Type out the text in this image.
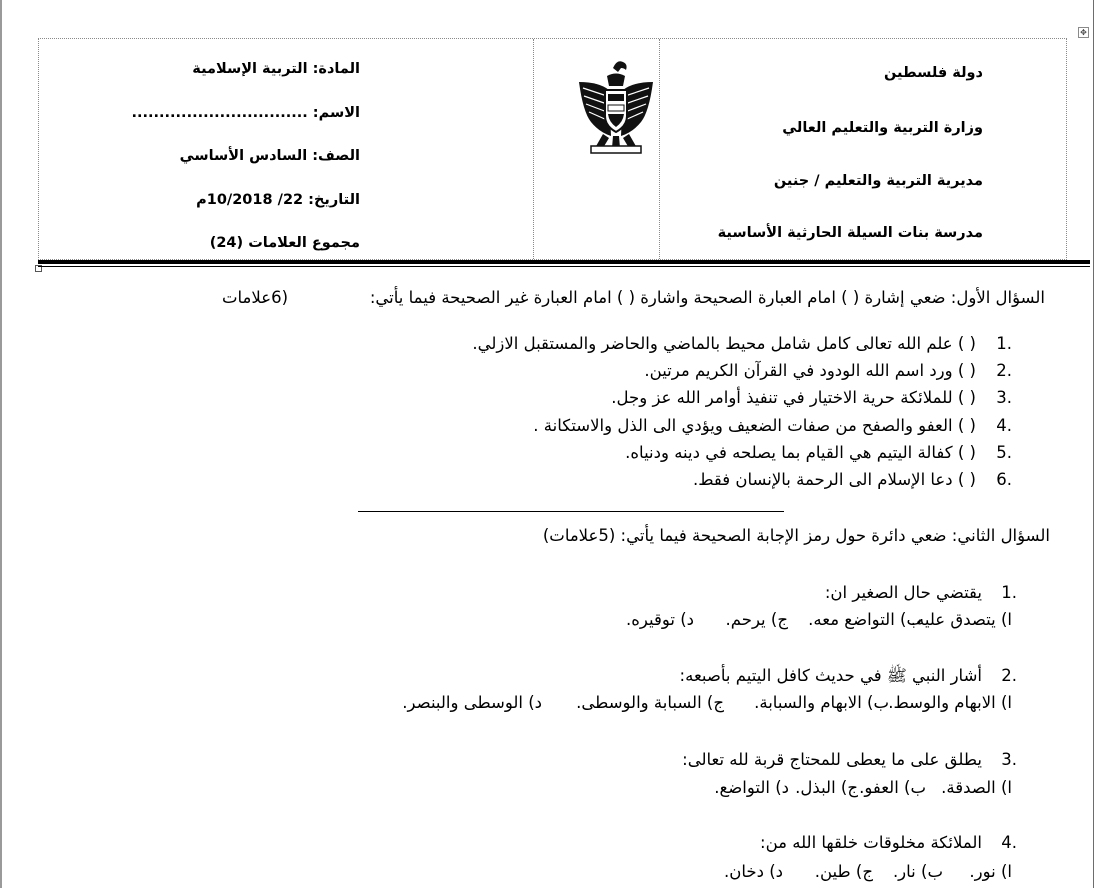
✥
دولة فلسطين
وزارة التربية والتعليم العالي
مديرية التربية والتعليم / جنين
مدرسة بنات السيلة الحارثية الأساسية
المادة: التربية الإسلامية
الاسم: ................................
الصف: السادس الأساسي
التاريخ: 22/ 10/2018م
مجموع العلامات (24)
السؤال الأول: ضعي إشارة ( ) امام العبارة الصحيحة واشارة ( ) امام العبارة غير الصحيحة فيما يأتي:
(6علامات
.1
( ) علم الله تعالى كامل شامل محيط بالماضي والحاضر والمستقبل الازلي.
.2
( ) ورد اسم الله الودود في القرآن الكريم مرتين.
.3
( ) للملائكة حرية الاختيار في تنفيذ أوامر الله عز وجل.
.4
( ) العفو والصفح من صفات الضعيف ويؤدي الى الذل والاستكانة .
.5
( ) كفالة اليتيم هي القيام بما يصلحه في دينه ودنياه.
.6
( ) دعا الإسلام الى الرحمة بالإنسان فقط.
السؤال الثاني: ضعي دائرة حول رمز الإجابة الصحيحة فيما يأتي: (5علامات)
.1
يقتضي حال الصغير ان:
ا) يتصدق عليه.
ب) التواضع معه.
ج) يرحم.
د) توقيره.
.2
أشار النبي ﷺ في حديث كافل اليتيم بأصبعه:
ا) الابهام والوسط.
ب) الابهام والسبابة.
ج) السبابة والوسطى.
د) الوسطى والبنصر.
.3
يطلق على ما يعطى للمحتاج قربة لله تعالى:
ا) الصدقة.
ب) العفو.
ج) البذل.
د) التواضع.
.4
الملائكة مخلوقات خلقها الله من:
ا) نور.
ب) نار.
ج) طين.
د) دخان.
